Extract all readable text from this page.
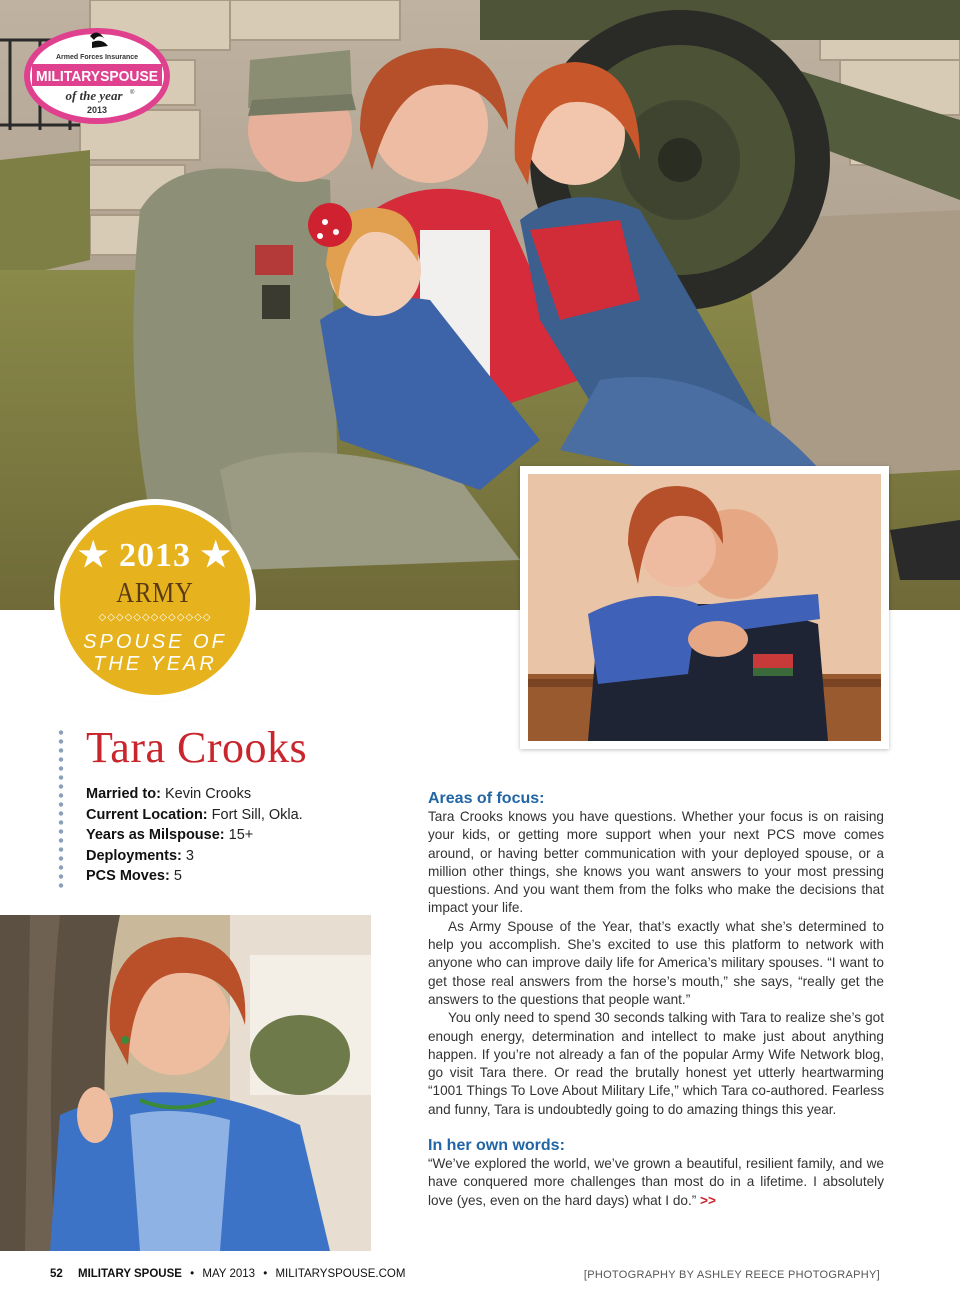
Armed Forces Insurance
MILITARYSPOUSE
of the year ®
2013
★ 2013 ★
ARMY
◇◇◇◇◇◇◇◇◇◇◇◇◇
SPOUSE OF
THE YEAR
Tara Crooks
Married to: Kevin Crooks
Current Location: Fort Sill, Okla.
Years as Milspouse: 15+
Deployments: 3
PCS Moves: 5
Areas of focus:

Tara Crooks knows you have questions. Whether your focus is on raising your kids, or getting more support when your next PCS move comes around, or having better communication with your deployed spouse, or a million other things, she knows you want answers to your most pressing questions. And you want them from the folks who make the decisions that impact your life.

As Army Spouse of the Year, that’s exactly what she’s determined to help you accomplish. She’s excited to use this platform to network with anyone who can improve daily life for America’s military spouses. “I want to get those real answers from the horse’s mouth,” she says, “really get the answers to the questions that people want.”

You only need to spend 30 seconds talking with Tara to realize she’s got enough energy, determination and intellect to make just about anything happen. If you’re not already a fan of the popular Army Wife Network blog, go visit Tara there. Or read the brutally honest yet utterly heartwarming “1001 Things To Love About Military Life,” which Tara co-authored. Fearless and funny, Tara is undoubtedly going to do amazing things this year.

In her own words:

“We’ve explored the world, we’ve grown a beautiful, resilient family, and we have conquered more challenges than most do in a lifetime. I absolutely love (yes, even on the hard days) what I do.” >>

52 MILITARY SPOUSE • MAY 2013 • MILITARYSPOUSE.COM	[PHOTOGRAPHY BY ASHLEY REECE PHOTOGRAPHY]
